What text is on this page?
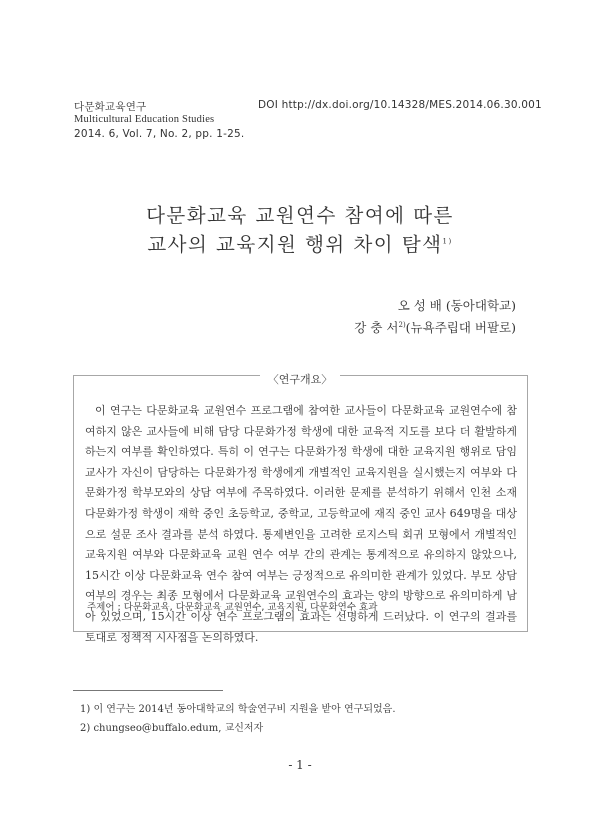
다문화교육연구	DOI http://dx.doi.org/10.14328/MES.2014.06.30.001
Multicultural Education Studies
2014. 6, Vol. 7, No. 2, pp. 1-25.
다문화교육 교원연수 참여에 따른
교사의 교육지원 행위 차이 탐색$^{1)}$
오 성 배 (동아대학교)
강 충 서$^{2)}$(뉴욕주립대 버팔로)
〈연구개요〉

이 연구는 다문화교육 교원연수 프로그램에 참여한 교사들이 다문화교육 교원연수에 참여하지 않은 교사들에 비해 담당 다문화가정 학생에 대한 교육적 지도를 보다 더 활발하게 하는지 여부를 확인하였다. 특히 이 연구는 다문화가정 학생에 대한 교육지원 행위로 담임교사가 자신이 담당하는 다문화가정 학생에게 개별적인 교육지원을 실시했는지 여부와 다문화가정 학부모와의 상담 여부에 주목하였다. 이러한 문제를 분석하기 위해서 인천 소재 다문화가정 학생이 재학 중인 초등학교, 중학교, 고등학교에 재직 중인 교사 649명을 대상으로 설문 조사 결과를 분석 하였다. 통제변인을 고려한 로지스틱 회귀 모형에서 개별적인 교육지원 여부와 다문화교육 교원 연수 여부 간의 관계는 통계적으로 유의하지 않았으나, 15시간 이상 다문화교육 연수 참여 여부는 긍정적으로 유의미한 관계가 있었다. 부모 상담 여부의 경우는 최종 모형에서 다문화교육 교원연수의 효과는 양의 방향으로 유의미하게 남아 있었으며, 15시간 이상 연수 프로그램의 효과는 선명하게 드러났다. 이 연구의 결과를 토대로 정책적 시사점을 논의하였다.

주제어 : 다문화교육, 다문화교육 교원연수, 교육지원, 다문화연수 효과
1) 이 연구는 2014년 동아대학교의 학술연구비 지원을 받아 연구되었음.
2) chungseo@buffalo.edum, 교신저자
- 1 -
